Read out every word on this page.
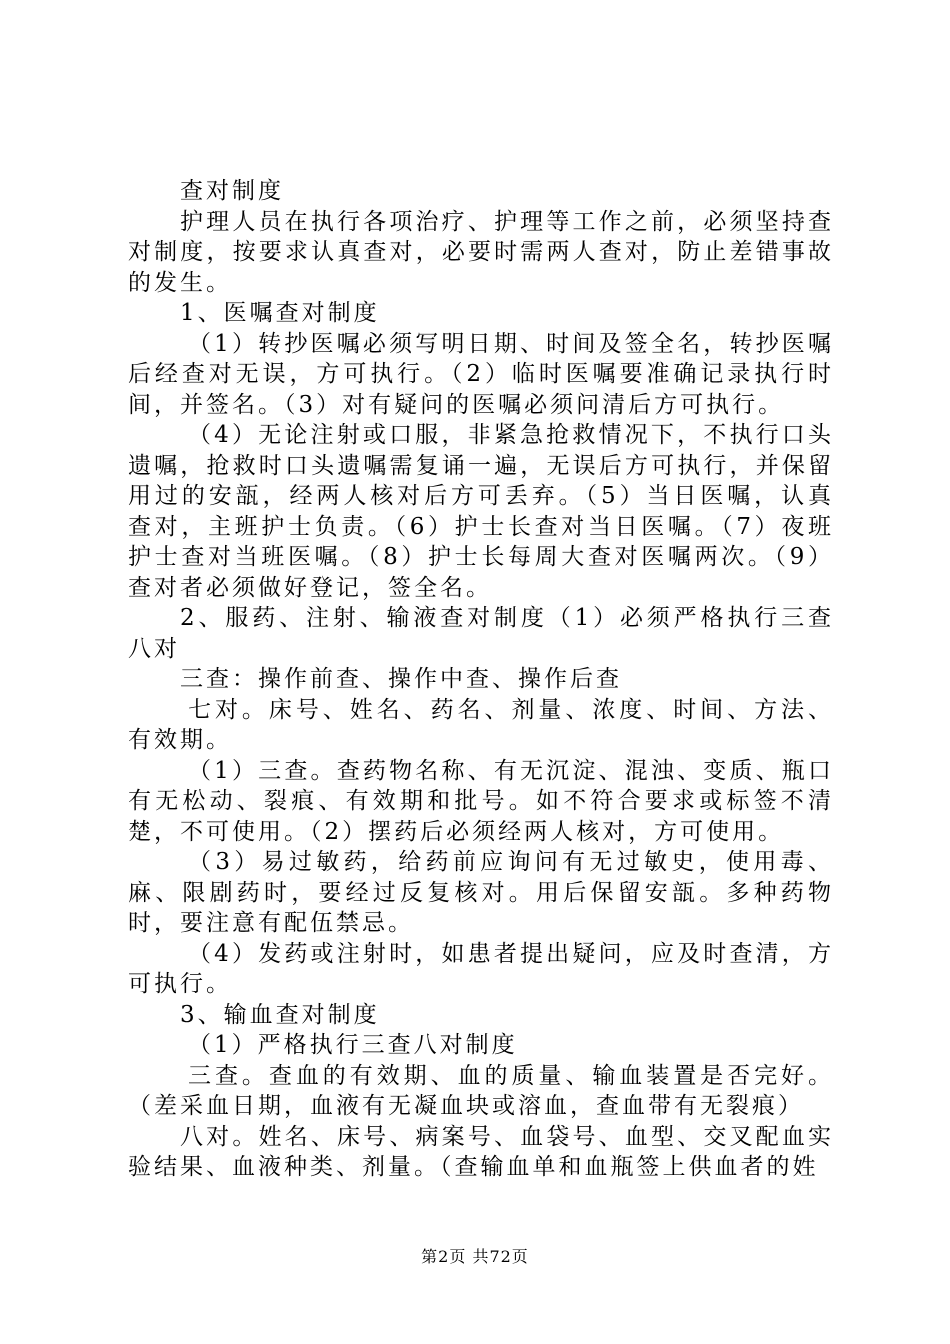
查对制度

护理人员在执行各项治疗、护理等工作之前，必须坚持查对制度，按要求认真查对，必要时需两人查对，防止差错事故的发生。

1、医嘱查对制度

（1）转抄医嘱必须写明日期、时间及签全名，转抄医嘱后经查对无误，方可执行。（2）临时医嘱要准确记录执行时间，并签名。（3）对有疑问的医嘱必须问清后方可执行。

（4）无论注射或口服，非紧急抢救情况下，不执行口头遗嘱，抢救时口头遗嘱需复诵一遍，无误后方可执行，并保留用过的安瓿，经两人核对后方可丢弃。（5）当日医嘱，认真查对，主班护士负责。（6）护士长查对当日医嘱。（7）夜班护士查对当班医嘱。（8）护士长每周大查对医嘱两次。（9）查对者必须做好登记，签全名。

2、服药、注射、输液查对制度（1）必须严格执行三查八对

三查：操作前查、操作中查、操作后查

七对。床号、姓名、药名、剂量、浓度、时间、方法、有效期。

（1）三查。查药物名称、有无沉淀、混浊、变质、瓶口有无松动、裂痕、有效期和批号。如不符合要求或标签不清楚，不可使用。（2）摆药后必须经两人核对，方可使用。

（3）易过敏药，给药前应询问有无过敏史，使用毒、麻、限剧药时，要经过反复核对。用后保留安瓿。多种药物时，要注意有配伍禁忌。

（4）发药或注射时，如患者提出疑问，应及时查清，方可执行。

3、输血查对制度

（1）严格执行三查八对制度

三查。查血的有效期、血的质量、输血装置是否完好。（差采血日期，血液有无凝血块或溶血，查血带有无裂痕）

八对。姓名、床号、病案号、血袋号、血型、交叉配血实验结果、血液种类、剂量。（查输血单和血瓶签上供血者的姓

第2页 共72页
